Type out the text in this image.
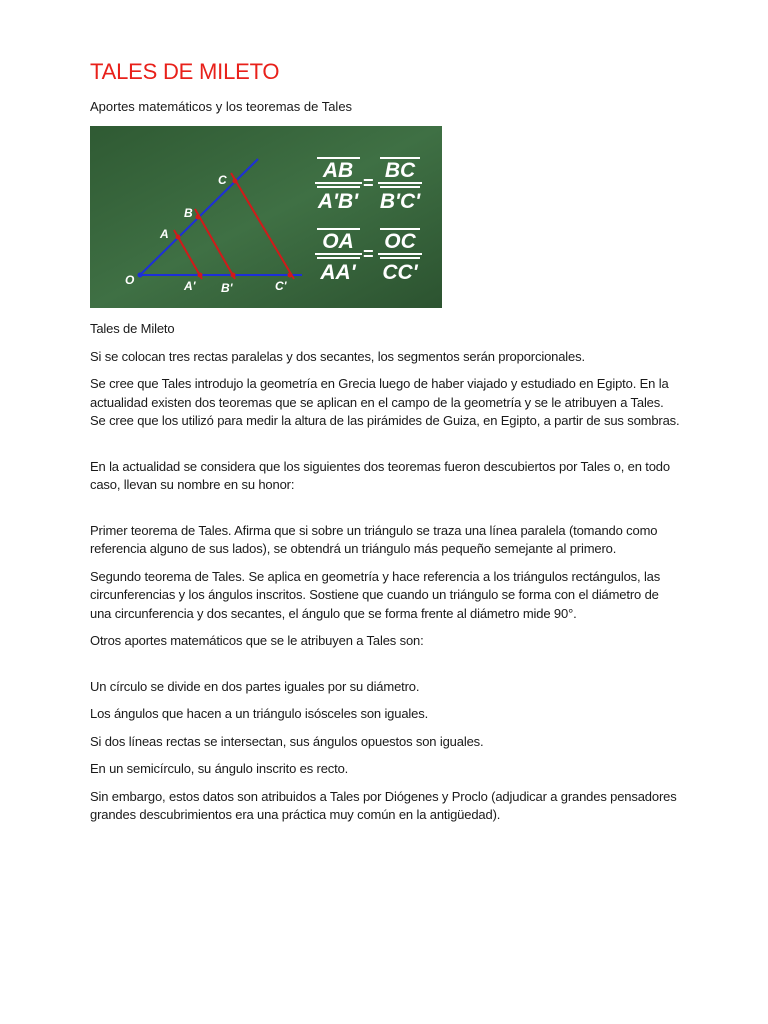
TALES DE MILETO

Aportes matemáticos y los teoremas de Tales

C
B
A
O	A' B'	C'
AB
A'B'
=
BC
B'C'
OA
AA'
=
OC
CC'

Tales de Mileto

Si se colocan tres rectas paralelas y dos secantes, los segmentos serán proporcionales.

Se cree que Tales introdujo la geometría en Grecia luego de haber viajado y estudiado en Egipto. En la actualidad existen dos teoremas que se aplican en el campo de la geometría y se le atribuyen a Tales. Se cree que los utilizó para medir la altura de las pirámides de Guiza, en Egipto, a partir de sus sombras.

En la actualidad se considera que los siguientes dos teoremas fueron descubiertos por Tales o, en todo caso, llevan su nombre en su honor:

Primer teorema de Tales. Afirma que si sobre un triángulo se traza una línea paralela (tomando como referencia alguno de sus lados), se obtendrá un triángulo más pequeño semejante al primero.

Segundo teorema de Tales. Se aplica en geometría y hace referencia a los triángulos rectángulos, las circunferencias y los ángulos inscritos. Sostiene que cuando un triángulo se forma con el diámetro de una circunferencia y dos secantes, el ángulo que se forma frente al diámetro mide 90°.

Otros aportes matemáticos que se le atribuyen a Tales son:

Un círculo se divide en dos partes iguales por su diámetro.

Los ángulos que hacen a un triángulo isósceles son iguales.

Si dos líneas rectas se intersectan, sus ángulos opuestos son iguales.

En un semicírculo, su ángulo inscrito es recto.

Sin embargo, estos datos son atribuidos a Tales por Diógenes y Proclo (adjudicar a grandes pensadores grandes descubrimientos era una práctica muy común en la antigüedad).
